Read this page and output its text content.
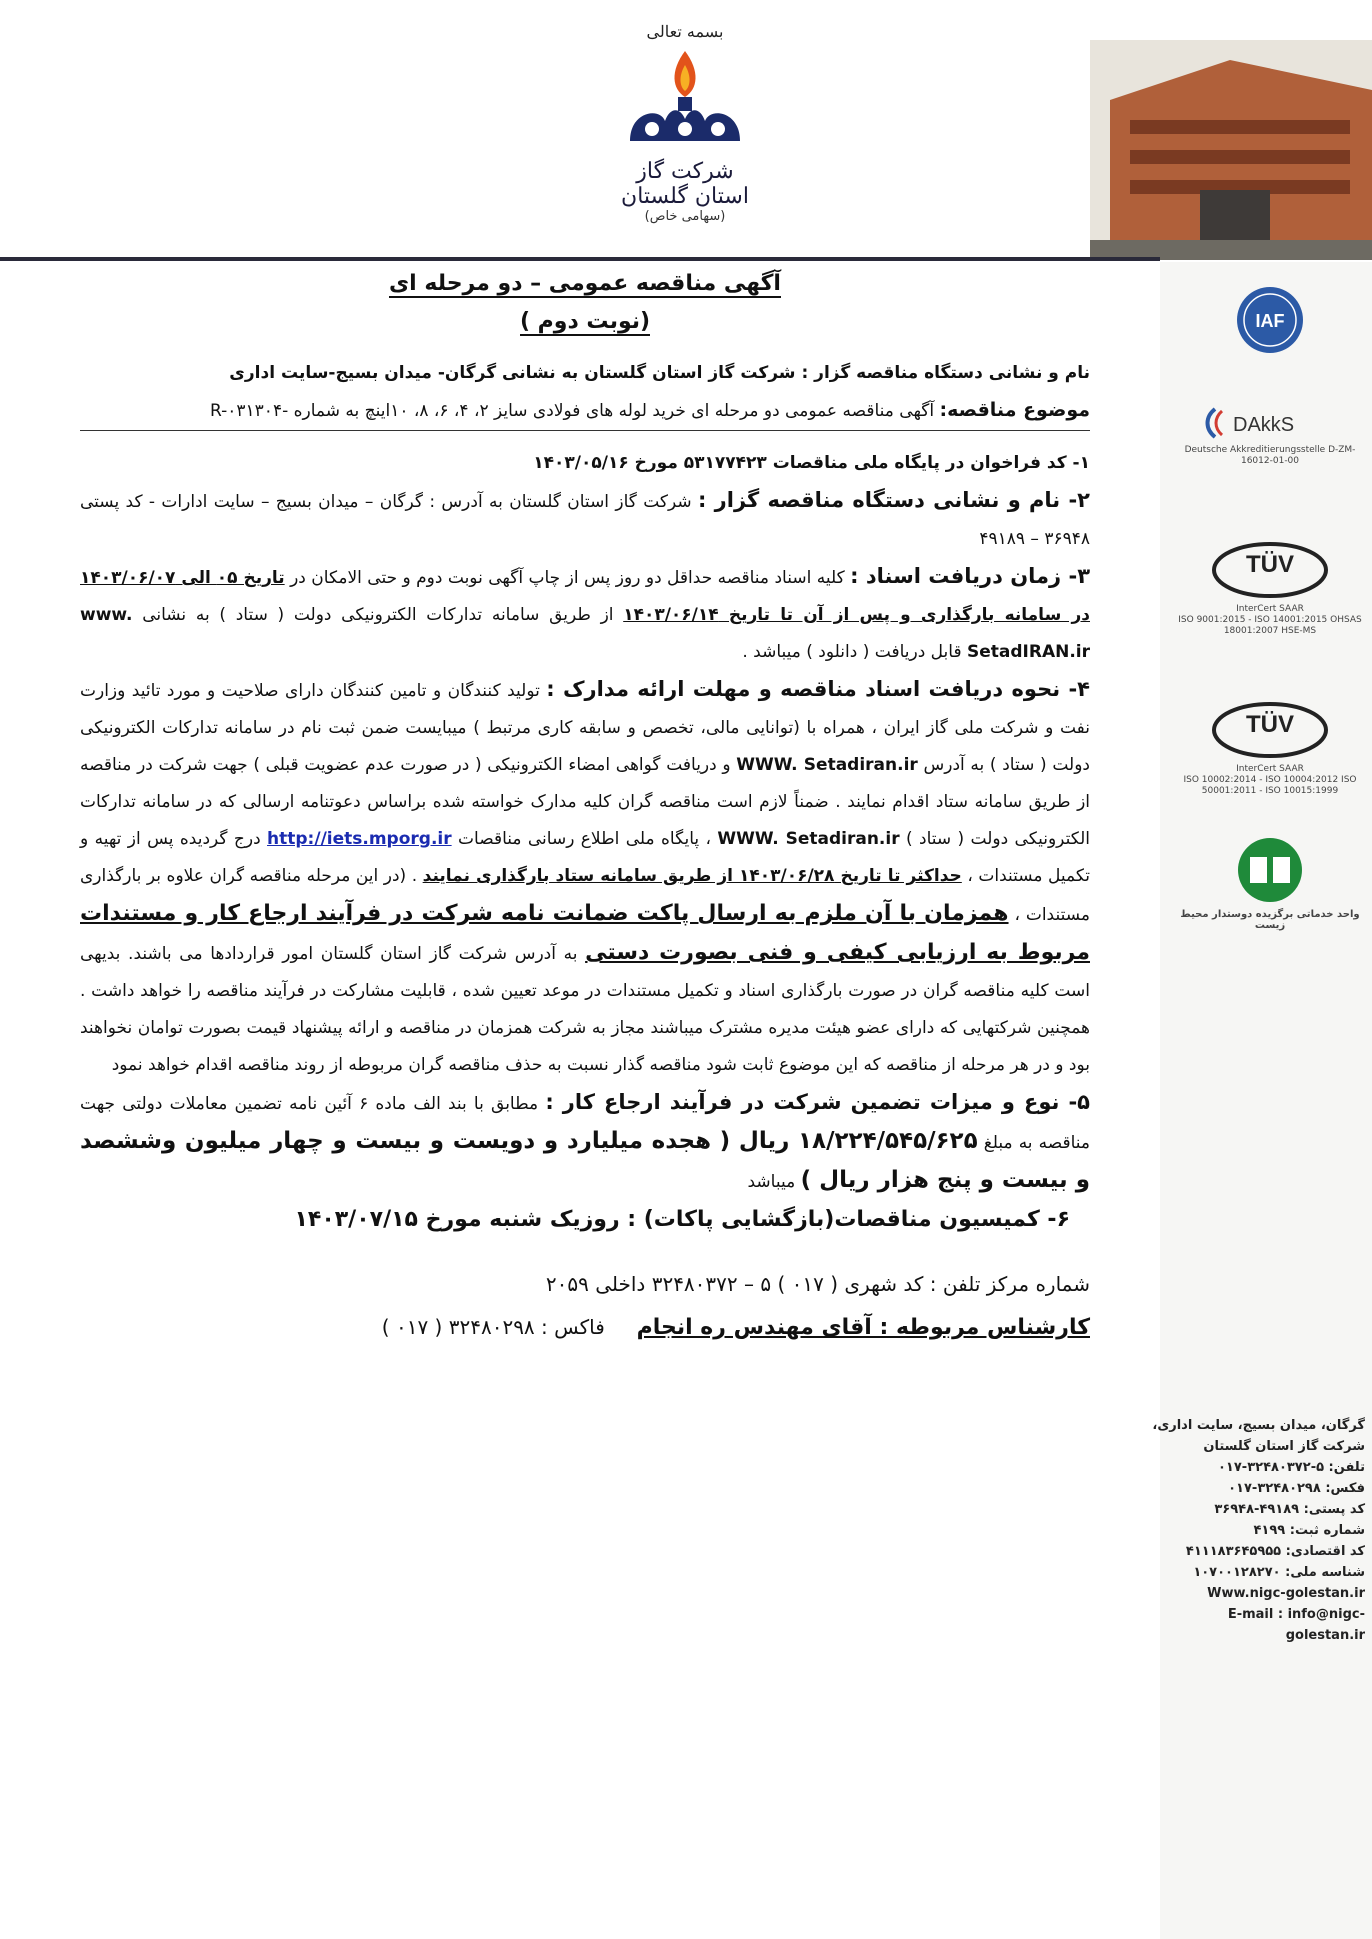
بسمه تعالی
شرکت گاز استان گلستان
(سهامی خاص)
IAF
DAkkS
Deutsche Akkreditierungsstelle D-ZM-16012-01-00
TÜV
InterCert SAAR
ISO 9001:2015 - ISO 14001:2015 OHSAS 18001:2007 HSE-MS
TÜV
InterCert SAAR
ISO 10002:2014 - ISO 10004:2012 ISO 50001:2011 - ISO 10015:1999
واحد خدماتی برگزیده دوستدار محیط زیست
گرگان، میدان بسیج، سایت اداری، شرکت گاز استان گلستان
تلفن: ۵-۳۲۴۸۰۳۷۲-۰۱۷
فکس: ۳۲۴۸۰۲۹۸-۰۱۷
کد پستی: ۴۹۱۸۹-۳۶۹۴۸
شماره ثبت: ۴۱۹۹
کد اقتصادی: ۴۱۱۱۸۳۶۴۵۹۵۵
شناسه ملی: ۱۰۷۰۰۱۲۸۲۷۰
Www.nigc-golestan.ir
E-mail : info@nigc-golestan.ir
آگهی مناقصه عمومی – دو مرحله ای
(نوبت دوم )

نام و نشانی دستگاه مناقصه گزار : شرکت گاز استان گلستان به نشانی گرگان- میدان بسیج-سایت اداری

موضوع مناقصه: آگهی مناقصه عمومی دو مرحله ای خرید لوله های فولادی سایز ۲، ۴، ۶، ۸، ۱۰اینچ به شماره -R-۰۳۱۳۰۴

۱- کد فراخوان در پایگاه ملی مناقصات ۵۳۱۷۷۴۲۳ مورخ ۱۴۰۳/۰۵/۱۶

۲- نام و نشانی دستگاه مناقصه گزار : شرکت گاز استان گلستان به آدرس : گرگان – میدان بسیج – سایت ادارات - کد پستی ۳۶۹۴۸ – ۴۹۱۸۹

۳- زمان دریافت اسناد : کلیه اسناد مناقصه حداقل دو روز پس از چاپ آگهی نوبت دوم و حتی الامکان در تاریخ ۰۵ الی ۱۴۰۳/۰۶/۰۷ در سامانه بارگذاری و پس از آن تا تاریخ ۱۴۰۳/۰۶/۱۴ از طریق سامانه تدارکات الکترونیکی دولت ( ستاد ) به نشانی www. SetadIRAN.ir قابل دریافت ( دانلود ) میباشد .

۴- نحوه دریافت اسناد مناقصه و مهلت ارائه مدارک : تولید کنندگان و تامین کنندگان دارای صلاحیت و مورد تائید وزارت نفت و شرکت ملی گاز ایران ، همراه با (توانایی مالی، تخصص و سابقه کاری مرتبط ) میبایست ضمن ثبت نام در سامانه تدارکات الکترونیکی دولت ( ستاد ) به آدرس WWW. Setadiran.ir و دریافت گواهی امضاء الکترونیکی ( در صورت عدم عضویت قبلی ) جهت شرکت در مناقصه از طریق سامانه ستاد اقدام نمایند . ضمناً لازم است مناقصه گران کلیه مدارک خواسته شده براساس دعوتنامه ارسالی که در سامانه تدارکات الکترونیکی دولت ( ستاد ) WWW. Setadiran.ir ، پایگاه ملی اطلاع رسانی مناقصات http://iets.mporg.ir درج گردیده پس از تهیه و تکمیل مستندات ، حداکثر تا تاریخ ۱۴۰۳/۰۶/۲۸ از طریق سامانه ستاد بارگذاری نمایند . (در این مرحله مناقصه گران علاوه بر بارگذاری مستندات ، همزمان با آن ملزم به ارسال پاکت ضمانت نامه شرکت در فرآیند ارجاع کار و مستندات مربوط به ارزیابی کیفی و فنی بصورت دستی به آدرس شرکت گاز استان گلستان امور قراردادها می باشند. بدیهی است کلیه مناقصه گران در صورت بارگذاری اسناد و تکمیل مستندات در موعد تعیین شده ، قابلیت مشارکت در فرآیند مناقصه را خواهد داشت . همچنین شرکتهایی که دارای عضو هیئت مدیره مشترک میباشند مجاز به شرکت همزمان در مناقصه و ارائه پیشنهاد قیمت بصورت توامان نخواهند بود و در هر مرحله از مناقصه که این موضوع ثابت شود مناقصه گذار نسبت به حذف مناقصه گران مربوطه از روند مناقصه اقدام خواهد نمود

۵- نوع و میزات تضمین شرکت در فرآیند ارجاع کار : مطابق با بند الف ماده ۶ آئین نامه تضمین معاملات دولتی جهت مناقصه به مبلغ ۱۸/۲۲۴/۵۴۵/۶۲۵ ریال ( هجده میلیارد و دویست و بیست و چهار میلیون وششصد و بیست و پنج هزار ریال ) میباشد

۶- کمیسیون مناقصات(بازگشایی پاکات) : روزیک شنبه مورخ ۱۴۰۳/۰۷/۱۵

شماره مرکز تلفن : کد شهری ( ۰۱۷ ) ۵ – ۳۲۴۸۰۳۷۲ داخلی ۲۰۵۹

کارشناس مربوطه : آقای مهندس ره انجام     فاکس : ۳۲۴۸۰۲۹۸ ( ۰۱۷ )
